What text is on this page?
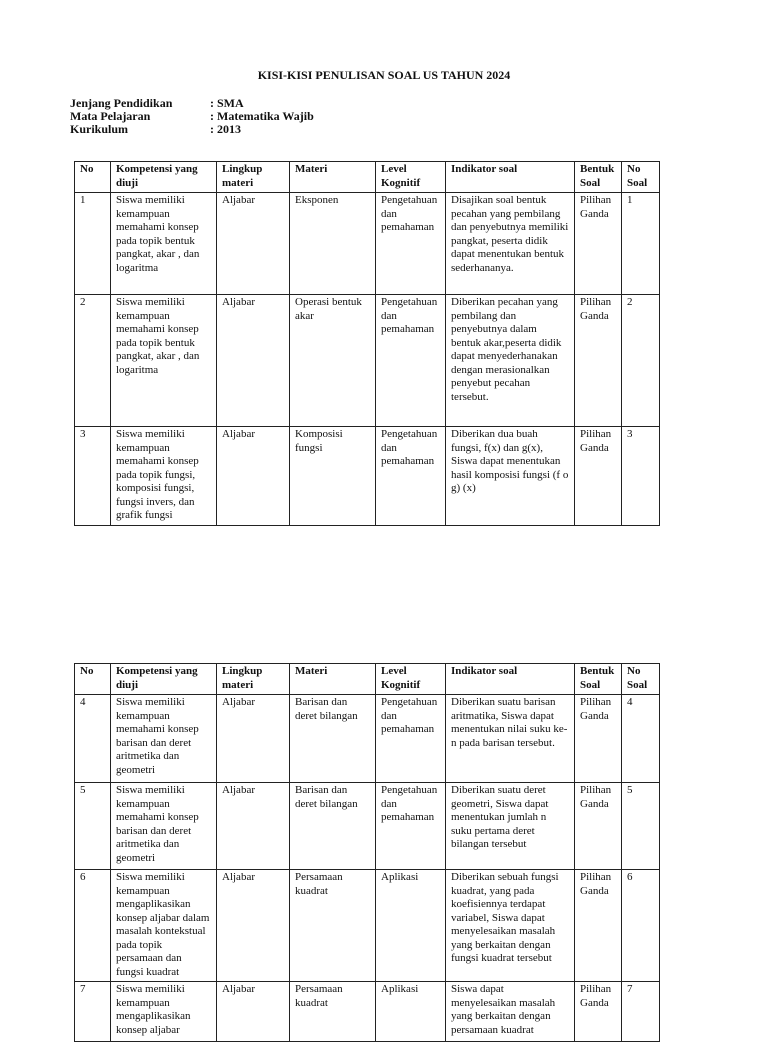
KISI-KISI PENULISAN SOAL US TAHUN 2024
Jenjang Pendidikan	: SMA
Mata Pelajaran	: Matematika Wajib
Kurikulum	: 2013
No	Kompetensi yang diuji	Lingkup materi	Materi	Level Kognitif	Indikator soal	Bentuk Soal	No Soal
1	Siswa memiliki kemampuan memahami konsep pada topik bentuk pangkat, akar , dan logaritma	Aljabar	Eksponen	Pengetahuan dan pemahaman	Disajikan soal bentuk pecahan yang pembilang dan penyebutnya memiliki pangkat, peserta didik dapat menentukan bentuk sederhananya.	Pilihan Ganda	1
2	Siswa memiliki kemampuan memahami konsep pada topik bentuk pangkat, akar , dan logaritma	Aljabar	Operasi bentuk akar	Pengetahuan dan pemahaman	Diberikan pecahan yang pembilang dan penyebutnya dalam bentuk akar,peserta didik dapat menyederhanakan dengan merasionalkan penyebut pecahan tersebut.	Pilihan Ganda	2
3	Siswa memiliki kemampuan memahami konsep pada topik fungsi, komposisi fungsi, fungsi invers, dan grafik fungsi	Aljabar	Komposisi fungsi	Pengetahuan dan pemahaman	Diberikan dua buah fungsi, f(x) dan g(x), Siswa dapat menentukan hasil komposisi fungsi (f o g) (x)	Pilihan Ganda	3
No	Kompetensi yang diuji	Lingkup materi	Materi	Level Kognitif	Indikator soal	Bentuk Soal	No Soal
4	Siswa memiliki kemampuan memahami konsep barisan dan deret aritmetika dan geometri	Aljabar	Barisan dan deret bilangan	Pengetahuan dan pemahaman	Diberikan suatu barisan aritmatika, Siswa dapat menentukan nilai suku ke-n pada barisan tersebut.	Pilihan Ganda	4
5	Siswa memiliki kemampuan memahami konsep barisan dan deret aritmetika dan geometri	Aljabar	Barisan dan deret bilangan	Pengetahuan dan pemahaman	Diberikan suatu deret geometri, Siswa dapat menentukan jumlah n suku pertama deret bilangan tersebut	Pilihan Ganda	5
6	Siswa memiliki kemampuan mengaplikasikan konsep aljabar dalam masalah kontekstual pada topik persamaan dan fungsi kuadrat	Aljabar	Persamaan kuadrat	Aplikasi	Diberikan sebuah fungsi kuadrat, yang pada koefisiennya terdapat variabel, Siswa dapat menyelesaikan masalah yang berkaitan dengan fungsi kuadrat tersebut	Pilihan Ganda	6
7	Siswa memiliki kemampuan mengaplikasikan konsep aljabar	Aljabar	Persamaan kuadrat	Aplikasi	Siswa dapat menyelesaikan masalah yang berkaitan dengan persamaan kuadrat	Pilihan Ganda	7
